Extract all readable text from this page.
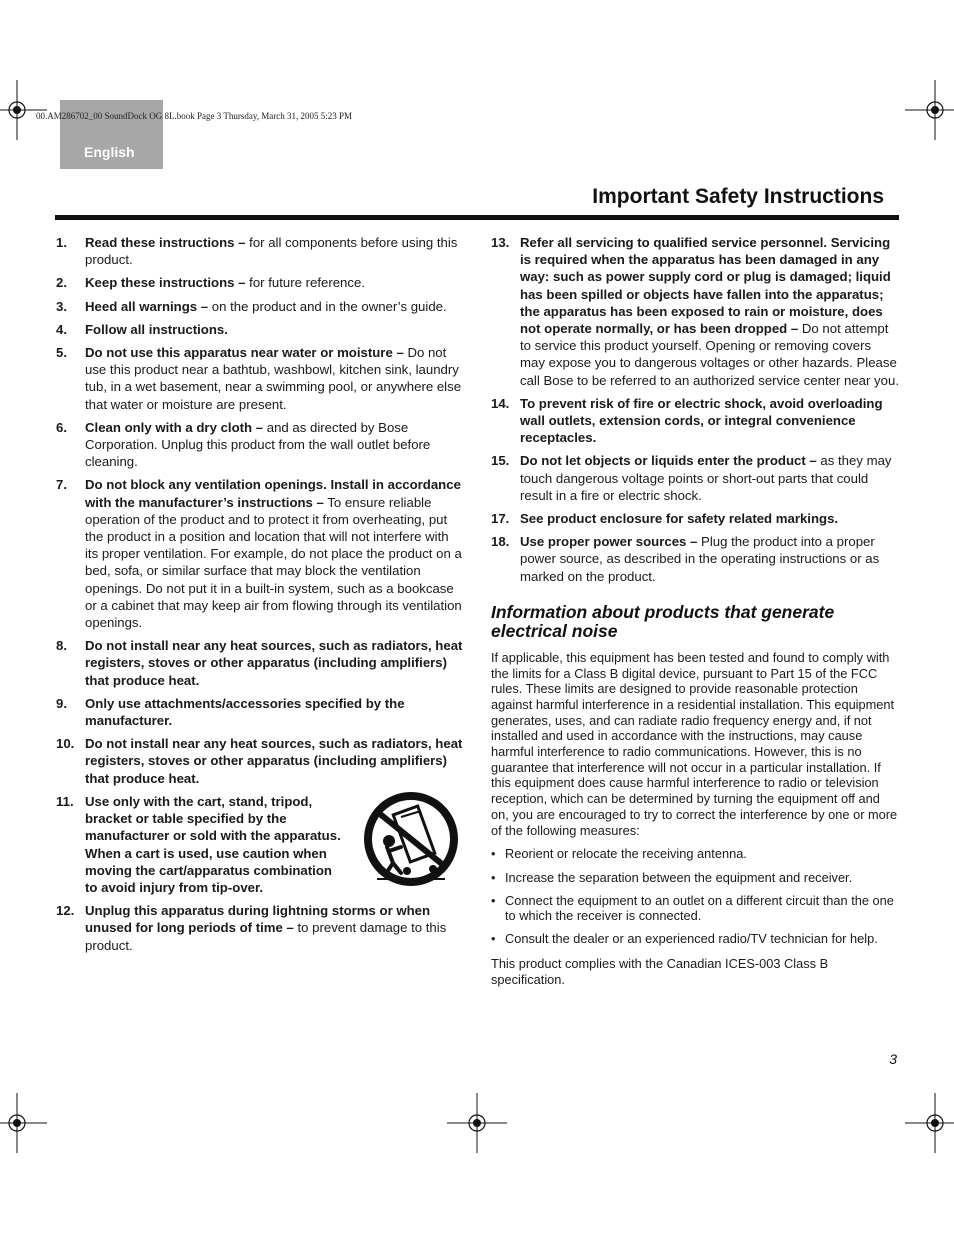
English
00.AM286702_00 SoundDock OG 8L.book Page 3 Thursday, March 31, 2005 5:23 PM
Important Safety Instructions
1. Read these instructions – for all components before using this product.
2. Keep these instructions – for future reference.
3. Heed all warnings – on the product and in the owner’s guide.
4. Follow all instructions.
5. Do not use this apparatus near water or moisture – Do not use this product near a bathtub, washbowl, kitchen sink, laundry tub, in a wet basement, near a swimming pool, or anywhere else that water or moisture are present.
6. Clean only with a dry cloth – and as directed by Bose Corporation. Unplug this product from the wall outlet before cleaning.
7. Do not block any ventilation openings. Install in accordance with the manufacturer’s instructions – To ensure reliable operation of the product and to protect it from overheating, put the product in a position and location that will not interfere with its proper ventilation. For example, do not place the product on a bed, sofa, or similar surface that may block the ventilation openings. Do not put it in a built-in system, such as a bookcase or a cabinet that may keep air from flowing through its ventilation openings.
8. Do not install near any heat sources, such as radiators, heat registers, stoves or other apparatus (including amplifiers) that produce heat.
9. Only use attachments/accessories specified by the manufacturer.
10. Do not install near any heat sources, such as radiators, heat registers, stoves or other apparatus (including amplifiers) that produce heat.
11. Use only with the cart, stand, tripod, bracket or table specified by the manufacturer or sold with the apparatus. When a cart is used, use caution when moving the cart/apparatus combination to avoid injury from tip-over.
12. Unplug this apparatus during lightning storms or when unused for long periods of time – to prevent damage to this product.
13. Refer all servicing to qualified service personnel. Servicing is required when the apparatus has been damaged in any way: such as power supply cord or plug is damaged; liquid has been spilled or objects have fallen into the apparatus; the apparatus has been exposed to rain or moisture, does not operate normally, or has been dropped – Do not attempt to service this product yourself. Opening or removing covers may expose you to dangerous voltages or other hazards. Please call Bose to be referred to an authorized service center near you.
14. To prevent risk of fire or electric shock, avoid overloading wall outlets, extension cords, or integral convenience receptacles.
15. Do not let objects or liquids enter the product – as they may touch dangerous voltage points or short-out parts that could result in a fire or electric shock.
17. See product enclosure for safety related markings.
18. Use proper power sources – Plug the product into a proper power source, as described in the operating instructions or as marked on the product.
Information about products that generate electrical noise

If applicable, this equipment has been tested and found to comply with the limits for a Class B digital device, pursuant to Part 15 of the FCC rules. These limits are designed to provide reasonable protection against harmful interference in a residential installation. This equipment generates, uses, and can radiate radio frequency energy and, if not installed and used in accordance with the instructions, may cause harmful interference to radio communications. However, this is no guarantee that interference will not occur in a particular installation. If this equipment does cause harmful interference to radio or television reception, which can be determined by turning the equipment off and on, you are encouraged to try to correct the interference by one or more of the following measures:

• Reorient or relocate the receiving antenna.
• Increase the separation between the equipment and receiver.
• Connect the equipment to an outlet on a different circuit than the one to which the receiver is connected.
• Consult the dealer or an experienced radio/TV technician for help.

This product complies with the Canadian ICES-003 Class B specification.

3
